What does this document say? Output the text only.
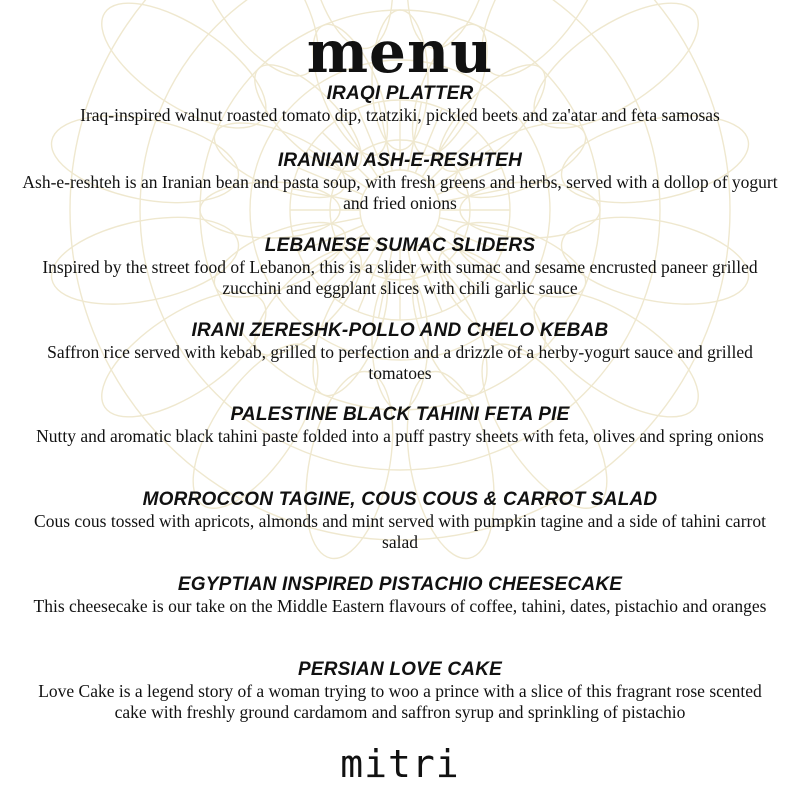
menu
IRAQI PLATTER
Iraq-inspired walnut roasted tomato dip, tzatziki, pickled beets and za'atar and feta samosas
IRANIAN ASH-E-RESHTEH
Ash-e-reshteh is an Iranian bean and pasta soup, with fresh greens and herbs, served with a dollop of yogurt and fried onions
LEBANESE SUMAC SLIDERS
Inspired by the street food of Lebanon, this is a slider with sumac and sesame encrusted paneer grilled zucchini and eggplant slices with chili garlic sauce
IRANI ZERESHK-POLLO AND CHELO KEBAB
Saffron rice served with kebab, grilled to perfection and a drizzle of a herby-yogurt sauce and grilled tomatoes
PALESTINE BLACK TAHINI FETA PIE
Nutty and aromatic black tahini paste folded into a puff pastry sheets with feta, olives and spring onions
MORROCCON TAGINE, COUS COUS & CARROT SALAD
Cous cous tossed with apricots, almonds and mint served with pumpkin tagine and a side of tahini carrot salad
EGYPTIAN INSPIRED PISTACHIO CHEESECAKE
This cheesecake is our take on the Middle Eastern flavours of coffee, tahini, dates, pistachio and oranges
PERSIAN LOVE CAKE
Love Cake is a legend story of a woman trying to woo a prince with a slice of this fragrant rose scented cake with freshly ground cardamom and saffron syrup and sprinkling of pistachio
mitri
